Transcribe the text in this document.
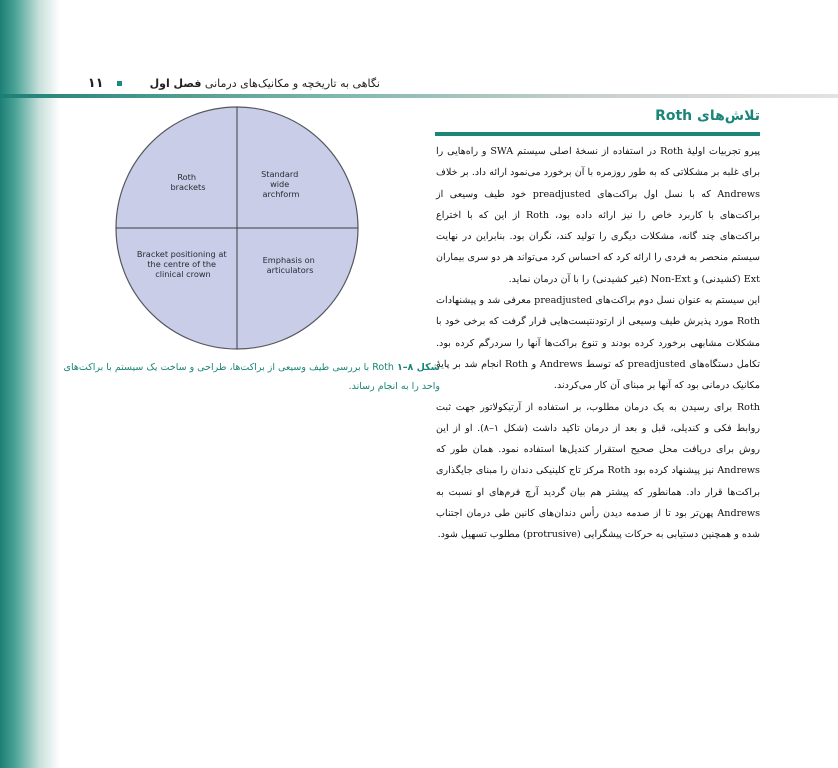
نگاهی به تاریخچه و مکانیک‌های درمانی فصل اول  ۱۱
تلاش‌های Roth

پیرو تجربیات اولیهٔ Roth در استفاده از نسخهٔ اصلی سیستم SWA و راه‌هایی را برای غلبه بر مشکلاتی که به طور روزمره با آن برخورد می‌نمود ارائه داد. بر خلاف Andrews که با نسل اول براکت‌های preadjusted خود طیف وسیعی از براکت‌های با کاربرد خاص را نیز ارائه داده بود، Roth از این که با اختراع براکت‌های چند گانه، مشکلات دیگری را تولید کند، نگران بود. بنابراین در نهایت سیستم منحصر به فردی را ارائه کرد که احساس کرد می‌تواند هر دو سری بیماران Ext (کشیدنی) و Non-Ext (غیر کشیدنی) را با آن درمان نماید.

این سیستم به عنوان نسل دوم براکت‌های preadjusted معرفی شد و پیشنهادات Roth مورد پذیرش طیف وسیعی از ارتودنتیست‌هایی قرار گرفت که برخی خود با مشکلات مشابهی برخورد کرده بودند و تنوع براکت‌ها آنها را سردرگم کرده بود. تکامل دستگاه‌های preadjusted که توسط Andrews و Roth انجام شد بر پایهٔ مکانیک درمانی بود که آنها بر مبنای آن کار می‌کردند.

Roth برای رسیدن به یک درمان مطلوب، بر استفاده از آرتیکولاتور جهت ثبت روابط فکی و کندیلی، قبل و بعد از درمان تاکید داشت (شکل ۱–۸). او از این روش برای دریافت محل صحیح استقرار کندیل‌ها استفاده نمود. همان طور که Andrews نیز پیشنهاد کرده بود Roth مرکز تاج کلینیکی دندان را مبنای جایگذاری براکت‌ها قرار داد. همانطور که پیشتر هم بیان گردید آرچ فرم‌های او نسبت به Andrews پهن‌تر بود تا از صدمه دیدن رأس دندان‌های کانین طی درمان اجتناب شده و همچنین دستیابی به حرکات پیشگرایی (protrusive) مطلوب تسهیل شود.

Roth brackets
Standard wide archform
Bracket positioning at the centre of the clinical crown
Emphasis on articulators
شکل ۸–۱ Roth با بررسی طیف وسیعی از براکت‌ها، طراحی و ساخت یک سیستم با براکت‌های واحد را به انجام رساند.
